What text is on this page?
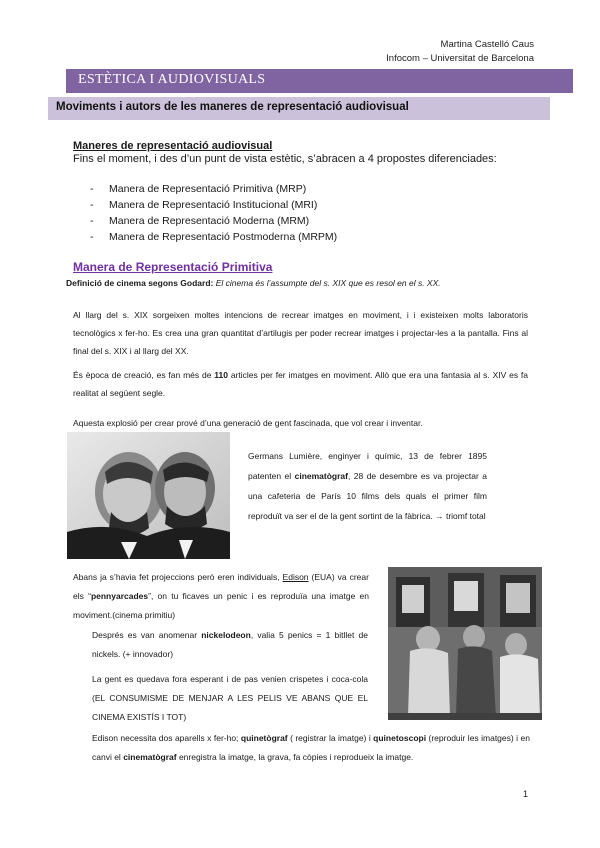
Martina Castelló Caus
Infocom – Universitat de Barcelona
ESTÈTICA I AUDIOVISUALS
Moviments i autors de les maneres de representació audiovisual
Maneres de representació audiovisual
Fins el moment, i des d’un punt de vista estètic, s’abracen a 4 propostes diferenciades:
- Manera de Representació Primitiva (MRP)
- Manera de Representació Institucional (MRI)
- Manera de Representació Moderna (MRM)
- Manera de Representació Postmoderna (MRPM)
Manera de Representació Primitiva
Definició de cinema segons Godard: El cinema és l’assumpte del s. XIX que es resol en el s. XX.
Al llarg del s. XIX sorgeixen moltes intencions de recrear imatges en moviment, i i existeixen molts laboratoris tecnològics x fer-ho. Es crea una gran quantitat d’artilugis per poder recrear imatges i projectar-les a la pantalla. Fins al final del s. XIX i al llarg del XX.
És època de creació, es fan més de 110 articles per fer imatges en moviment. Allò que era una fantasia al s. XIV es fa realitat al següent segle.
Aquesta explosió per crear prové d’una generació de gent fascinada, que vol crear i inventar.
Germans Lumière, enginyer i químic, 13 de febrer 1895 patenten el cinematògraf, 28 de desembre es va projectar a una cafeteria de París 10 films dels quals el primer film reproduït va ser el de la gent sortint de la fàbrica. → triomf total
Abans ja s’havia fet projeccions però eren individuals, Edison (EUA) va crear els “pennyarcades”, on tu ficaves un penic i es reproduïa una imatge en moviment.(cinema primitiu)
Després es van anomenar nickelodeon, valia 5 penics = 1 bitllet de nickels. (+ innovador)
La gent es quedava fora esperant i de pas venien crispetes i coca-cola (EL CONSUMISME DE MENJAR A LES PELIS VE ABANS QUE EL CINEMA EXISTÍS I TOT)
Edison necessita dos aparells x fer-ho; quinetògraf ( registrar la imatge) i quinetoscopi (reproduir les imatges) i en canvi el cinematògraf enregistra la imatge, la grava, fa còpies i reprodueix la imatge.
1
